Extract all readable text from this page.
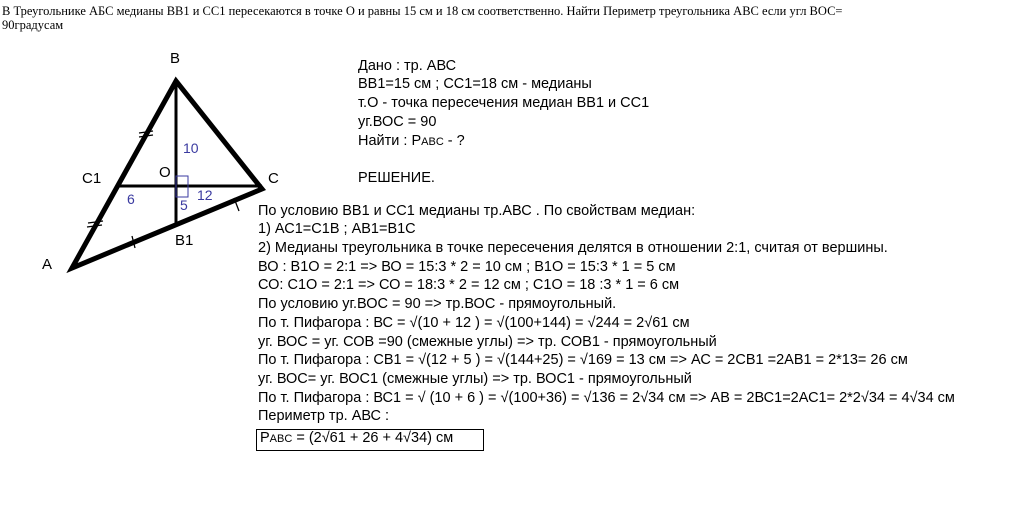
В Треугольнике АБС медианы ВВ1 и СС1 пересекаются в точке О и равны 15 см и 18 см соответственно. Найти Периметр треугольника АВС если угл ВОС=
90градусам
B
A
C
C1
B1
O
10
12
6	5
Дано : тр. АВС
ВВ1=15 см ; СС1=18 см - медианы
т.О - точка пересечения медиан ВВ1 и СС1
уг.ВОС = 90
Найти : PABC - ?
РЕШЕНИЕ.
По условию ВВ1 и СС1 медианы тр.АВС . По свойствам медиан:
1) АС1=С1В ; АВ1=В1С
2) Медианы треугольника в точке пересечения делятся в отношении 2:1, считая от вершины.
ВО : В1О = 2:1 => ВО = 15:3 * 2 = 10 см ; В1О = 15:3 * 1 = 5 см
СО: С1О = 2:1 => СО = 18:3 * 2 = 12 см ; С1О = 18 :3 * 1 = 6 см
По условию уг.ВОС = 90 => тр.ВОС - прямоугольный.
По т. Пифагора : ВС = √(10 + 12 ) = √(100+144) = √244 = 2√61 см
уг. ВОС = уг. СОВ =90 (смежные углы) => тр. СОВ1 - прямоугольный
По т. Пифагора : СВ1 = √(12 + 5 ) = √(144+25) = √169 = 13 см => АС = 2СВ1 =2АВ1 = 2*13= 26 см
уг. ВОС= уг. ВОС1 (смежные углы) => тр. ВОС1 - прямоугольный
По т. Пифагора : ВС1 = √ (10 + 6 ) = √(100+36) = √136 = 2√34 см => АВ = 2ВС1=2АС1= 2*2√34 = 4√34 см
Периметр тр. АВС :
PABC = (2√61 + 26 + 4√34) см
